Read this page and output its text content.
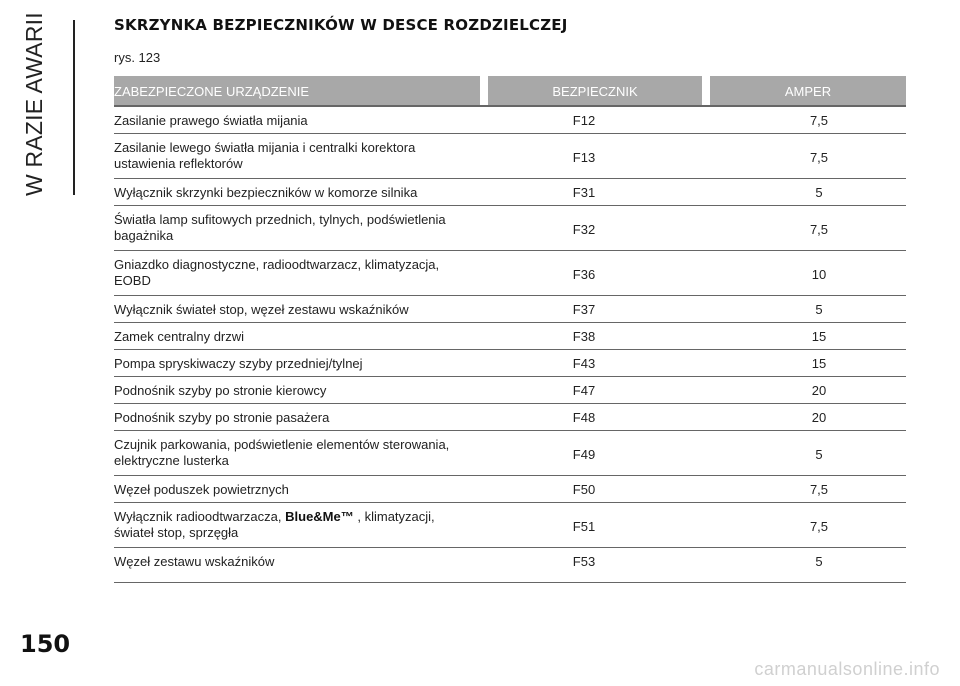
W RAZIE AWARII
150
SKRZYNKA BEZPIECZNIKÓW W DESCE ROZDZIELCZEJ
rys. 123
ZABEZPIECZONE URZĄDZENIE	BEZPIECZNIK	AMPER
Zasilanie prawego światła mijania	F12	7,5
Zasilanie lewego światła mijania i centralki korektora
ustawienia reflektorów	F13	7,5
Wyłącznik skrzynki bezpieczników w komorze silnika	F31	5
Światła lamp sufitowych przednich, tylnych, podświetlenia
bagażnika	F32	7,5
Gniazdko diagnostyczne, radioodtwarzacz, klimatyzacja,
EOBD	F36	10
Wyłącznik świateł stop, węzeł zestawu wskaźników	F37	5
Zamek centralny drzwi	F38	15
Pompa spryskiwaczy szyby przedniej/tylnej	F43	15
Podnośnik szyby po stronie kierowcy	F47	20
Podnośnik szyby po stronie pasażera	F48	20
Czujnik parkowania, podświetlenie elementów sterowania,
elektryczne lusterka	F49	5
Węzeł poduszek powietrznych	F50	7,5
Wyłącznik radioodtwarzacza, Blue&Me™ , klimatyzacji,
świateł stop, sprzęgła	F51	7,5
Węzeł zestawu wskaźników	F53	5
carmanualsonline.info
